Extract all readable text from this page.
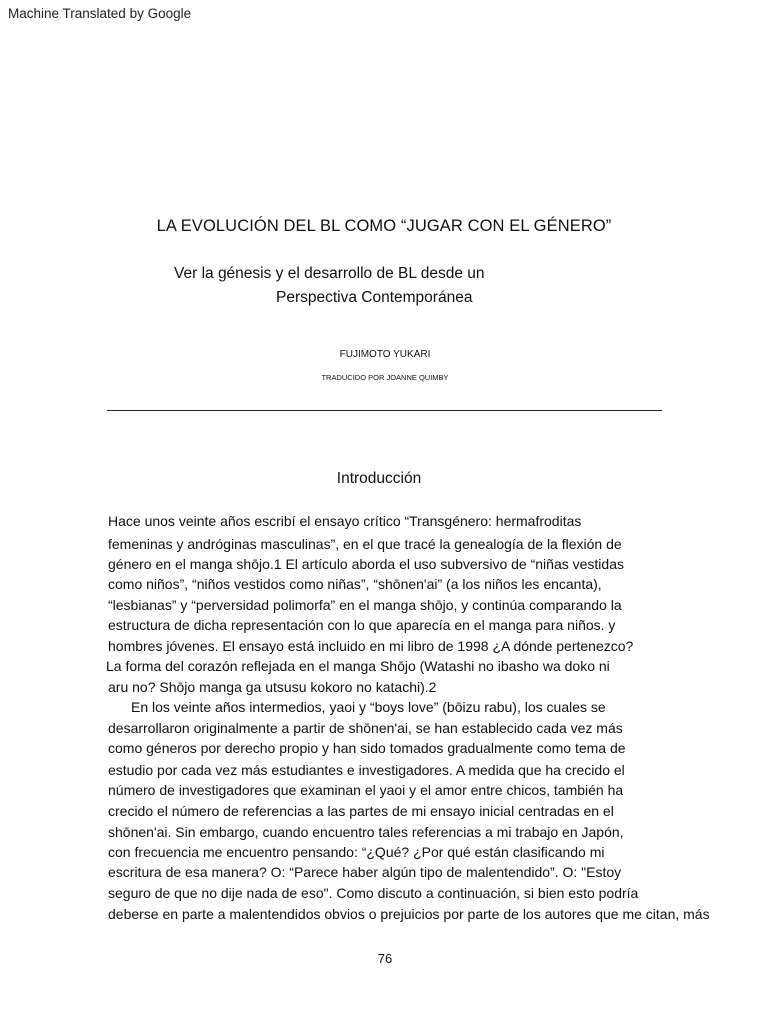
Machine Translated by Google
LA EVOLUCIÓN DEL BL COMO “JUGAR CON EL GÉNERO”
Ver la génesis y el desarrollo de BL desde un
Perspectiva Contemporánea
FUJIMOTO YUKARI
TRADUCIDO POR JOANNE QUIMBY
Introducción
Hace unos veinte años escribí el ensayo crítico “Transgénero: hermafroditas
femeninas y andróginas masculinas”, en el que tracé la genealogía de la flexión de
género en el manga shōjo.1 El artículo aborda el uso subversivo de “niñas vestidas
como niños”, “niños vestidos como niñas”, “shōnen'ai” (a los niños les encanta),
“lesbianas” y “perversidad polimorfa” en el manga shōjo, y continúa comparando la
estructura de dicha representación con lo que aparecía en el manga para niños. y
hombres jóvenes. El ensayo está incluido en mi libro de 1998 ¿A dónde pertenezco?
La forma del corazón reflejada en el manga Shōjo (Watashi no ibasho wa doko ni
aru no? Shōjo manga ga utsusu kokoro no katachi).2
En los veinte años intermedios, yaoi y “boys love” (bōizu rabu), los cuales se
desarrollaron originalmente a partir de shōnen'ai, se han establecido cada vez más
como géneros por derecho propio y han sido tomados gradualmente como tema de
estudio por cada vez más estudiantes e investigadores. A medida que ha crecido el
número de investigadores que examinan el yaoi y el amor entre chicos, también ha
crecido el número de referencias a las partes de mi ensayo inicial centradas en el
shōnen'ai. Sin embargo, cuando encuentro tales referencias a mi trabajo en Japón,
con frecuencia me encuentro pensando: “¿Qué? ¿Por qué están clasificando mi
escritura de esa manera? O: “Parece haber algún tipo de malentendido”. O: "Estoy
seguro de que no dije nada de eso". Como discuto a continuación, si bien esto podría
deberse en parte a malentendidos obvios o prejuicios por parte de los autores que me citan, más
76
